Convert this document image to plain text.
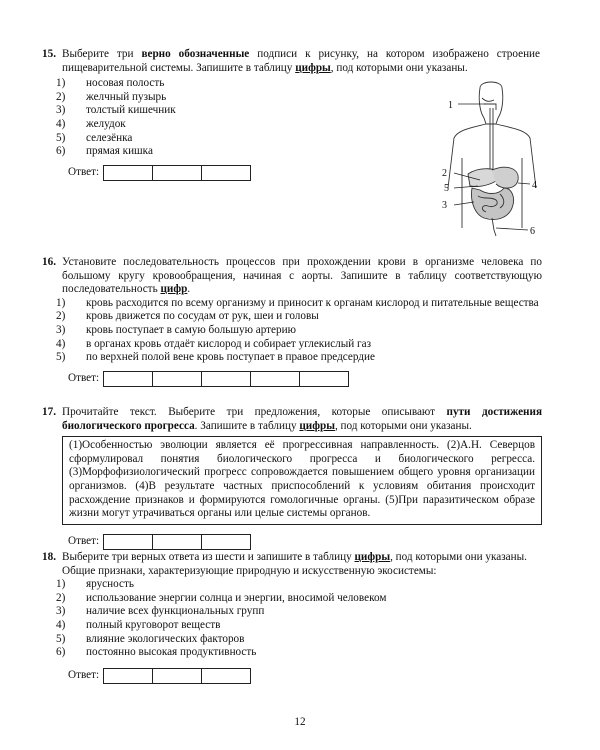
15. Выберите три верно обозначенные подписи к рисунку, на котором изображено строение пищеварительной системы. Запишите в таблицу цифры, под которыми они указаны.

1) носовая полость
2) желчный пузырь
3) толстый кишечник
4) желудок
5) селезёнка
6) прямая кишка
Ответ:
1
2
5
3
4
6
16. Установите последовательность процессов при прохождении крови в организме человека по большому кругу кровообращения, начиная с аорты. Запишите в таблицу соответствующую последовательность цифр.

1) кровь расходится по всему организму и приносит к органам кислород и питательные вещества
2) кровь движется по сосудам от рук, шеи и головы
3) кровь поступает в самую большую артерию
4) в органах кровь отдаёт кислород и собирает углекислый газ
5) по верхней полой вене кровь поступает в правое предсердие
Ответ:
17. Прочитайте текст. Выберите три предложения, которые описывают пути достижения биологического прогресса. Запишите в таблицу цифры, под которыми они указаны.

(1)Особенностью эволюции является её прогрессивная направленность. (2)А.Н. Северцов сформулировал понятия биологического прогресса и биологического регресса. (3)Морфофизиологический прогресс сопровождается повышением общего уровня организации организмов. (4)В результате частных приспособлений к условиям обитания происходит расхождение признаков и формируются гомологичные органы. (5)При паразитическом образе жизни могут утрачиваться органы или целые системы органов.
Ответ:
18. Выберите три верных ответа из шести и запишите в таблицу цифры, под которыми они указаны.

Общие признаки, характеризующие природную и искусственную экосистемы:

1) ярусность
2) использование энергии солнца и энергии, вносимой человеком
3) наличие всех функциональных групп
4) полный круговорот веществ
5) влияние экологических факторов
6) постоянно высокая продуктивность
Ответ:
12
